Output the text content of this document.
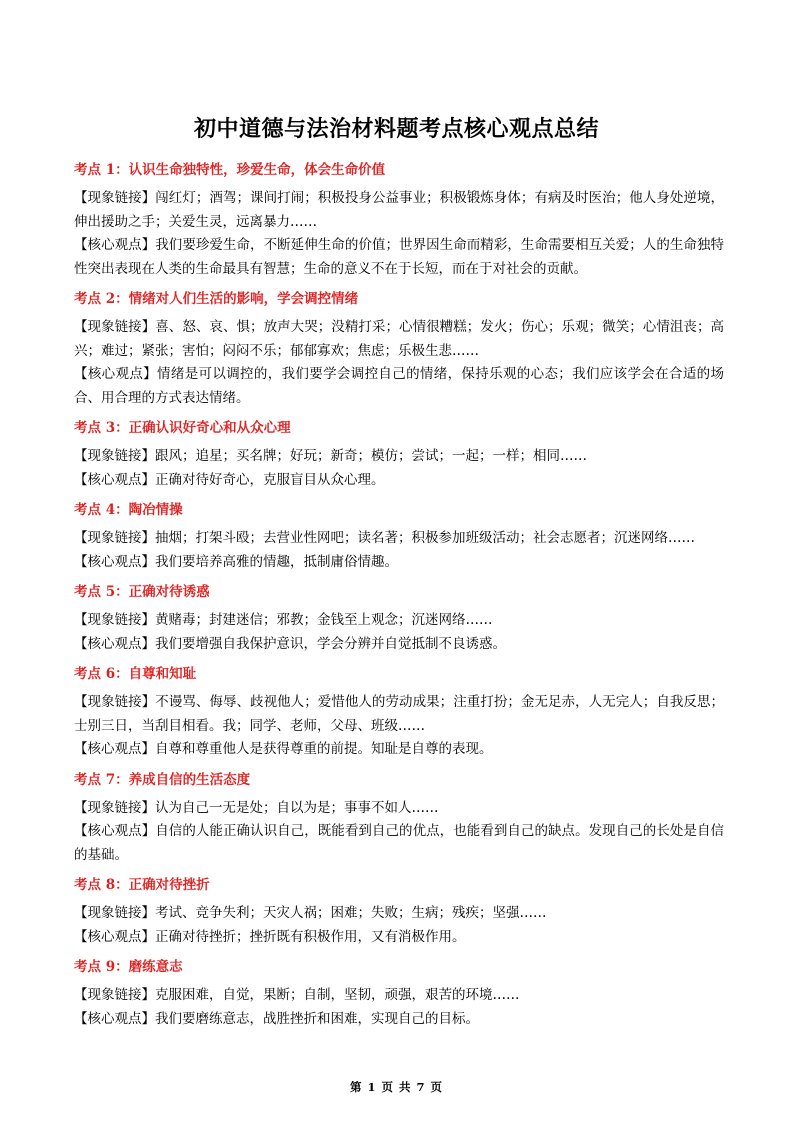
初中道德与法治材料题考点核心观点总结

考点 1：认识生命独特性，珍爱生命，体会生命价值

【现象链接】闯红灯；酒驾；课间打闹；积极投身公益事业；积极锻炼身体；有病及时医治；他人身处逆境，伸出援助之手；关爱生灵，远离暴力……

【核心观点】我们要珍爱生命，不断延伸生命的价值；世界因生命而精彩，生命需要相互关爱；人的生命独特性突出表现在人类的生命最具有智慧；生命的意义不在于长短，而在于对社会的贡献。

考点 2：情绪对人们生活的影响，学会调控情绪

【现象链接】喜、怒、哀、惧；放声大哭；没精打采；心情很糟糕；发火；伤心；乐观；微笑；心情沮丧；高兴；难过；紧张；害怕；闷闷不乐；郁郁寡欢；焦虑；乐极生悲……

【核心观点】情绪是可以调控的，我们要学会调控自己的情绪，保持乐观的心态；我们应该学会在合适的场合、用合理的方式表达情绪。

考点 3：正确认识好奇心和从众心理

【现象链接】跟风；追星；买名牌；好玩；新奇；模仿；尝试；一起；一样；相同……

【核心观点】正确对待好奇心，克服盲目从众心理。

考点 4：陶冶情操

【现象链接】抽烟；打架斗殴；去营业性网吧；读名著；积极参加班级活动；社会志愿者；沉迷网络……

【核心观点】我们要培养高雅的情趣，抵制庸俗情趣。

考点 5：正确对待诱惑

【现象链接】黄赌毒；封建迷信；邪教；金钱至上观念；沉迷网络……

【核心观点】我们要增强自我保护意识，学会分辨并自觉抵制不良诱惑。

考点 6：自尊和知耻

【现象链接】不谩骂、侮辱、歧视他人；爱惜他人的劳动成果；注重打扮；金无足赤，人无完人；自我反思；士别三日，当刮目相看。我；同学、老师，父母、班级……

【核心观点】自尊和尊重他人是获得尊重的前提。知耻是自尊的表现。

考点 7：养成自信的生活态度

【现象链接】认为自己一无是处；自以为是；事事不如人……

【核心观点】自信的人能正确认识自己，既能看到自己的优点，也能看到自己的缺点。发现自己的长处是自信的基础。

考点 8：正确对待挫折

【现象链接】考试、竞争失利；天灾人祸；困难；失败；生病；残疾；坚强……

【核心观点】正确对待挫折；挫折既有积极作用，又有消极作用。

考点 9：磨练意志

【现象链接】克服困难，自觉，果断；自制，坚韧，顽强，艰苦的环境……

【核心观点】我们要磨练意志，战胜挫折和困难，实现自己的目标。

第 1 页 共 7 页
